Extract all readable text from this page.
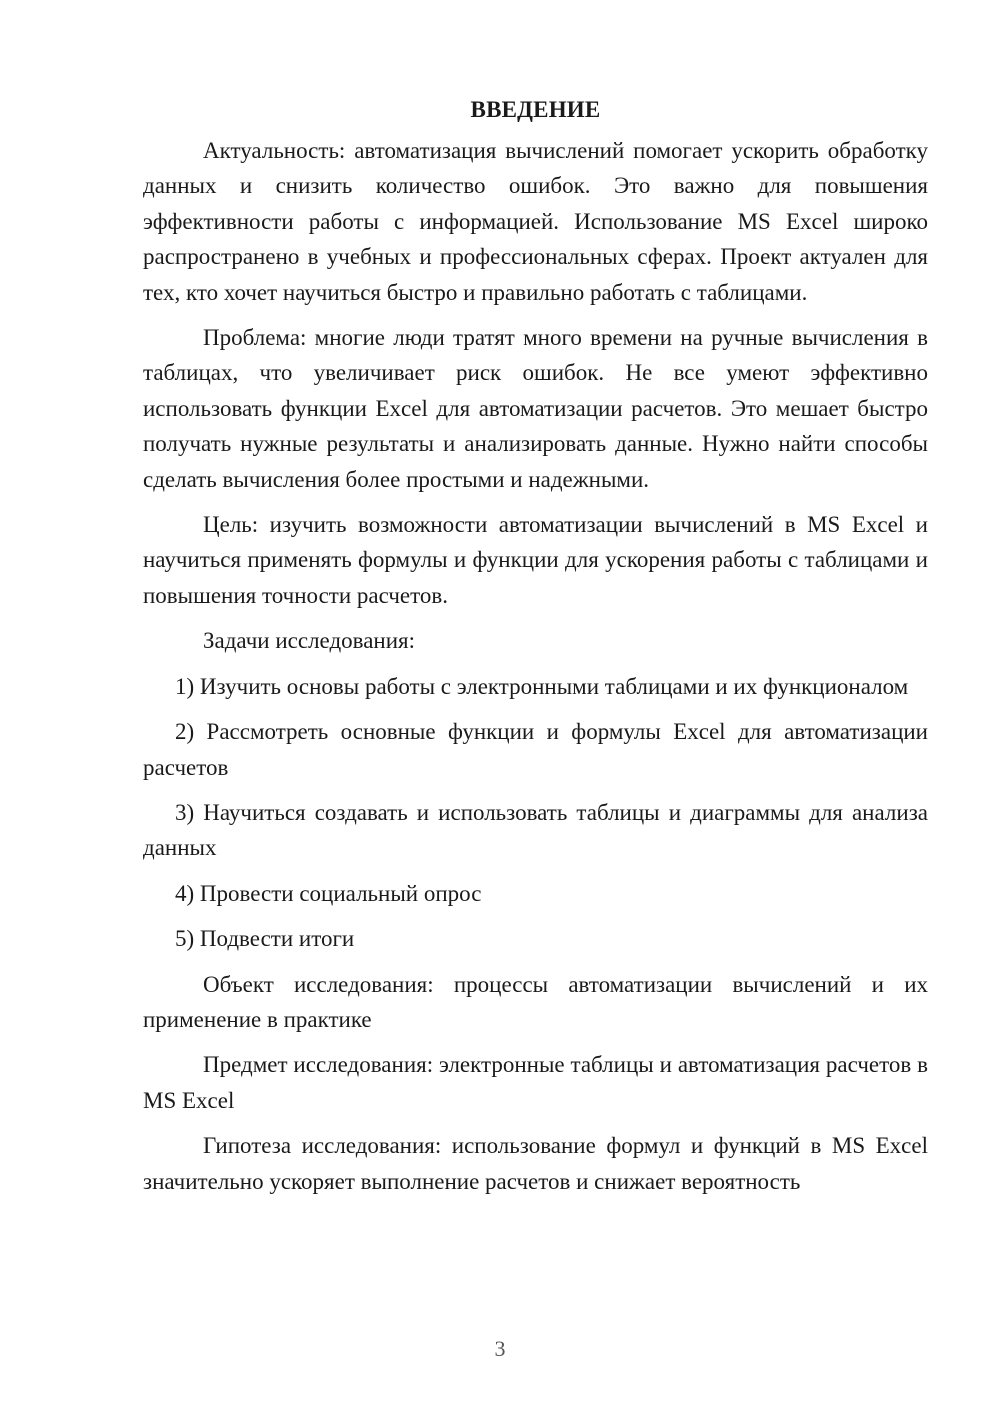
ВВЕДЕНИЕ

Актуальность: автоматизация вычислений помогает ускорить обработку данных и снизить количество ошибок. Это важно для повышения эффективности работы с информацией. Использование MS Excel широко распространено в учебных и профессиональных сферах. Проект актуален для тех, кто хочет научиться быстро и правильно работать с таблицами.

Проблема: многие люди тратят много времени на ручные вычисления в таблицах, что увеличивает риск ошибок. Не все умеют эффективно использовать функции Excel для автоматизации расчетов. Это мешает быстро получать нужные результаты и анализировать данные. Нужно найти способы сделать вычисления более простыми и надежными.

Цель: изучить возможности автоматизации вычислений в MS Excel и научиться применять формулы и функции для ускорения работы с таблицами и повышения точности расчетов.

Задачи исследования:

1) Изучить основы работы с электронными таблицами и их функционалом

2) Рассмотреть основные функции и формулы Excel для автоматизации расчетов

3) Научиться создавать и использовать таблицы и диаграммы для анализа данных

4) Провести социальный опрос

5) Подвести итоги

Объект исследования: процессы автоматизации вычислений и их применение в практике

Предмет исследования: электронные таблицы и автоматизация расчетов в MS Excel

Гипотеза исследования: использование формул и функций в MS Excel значительно ускоряет выполнение расчетов и снижает вероятность

3
